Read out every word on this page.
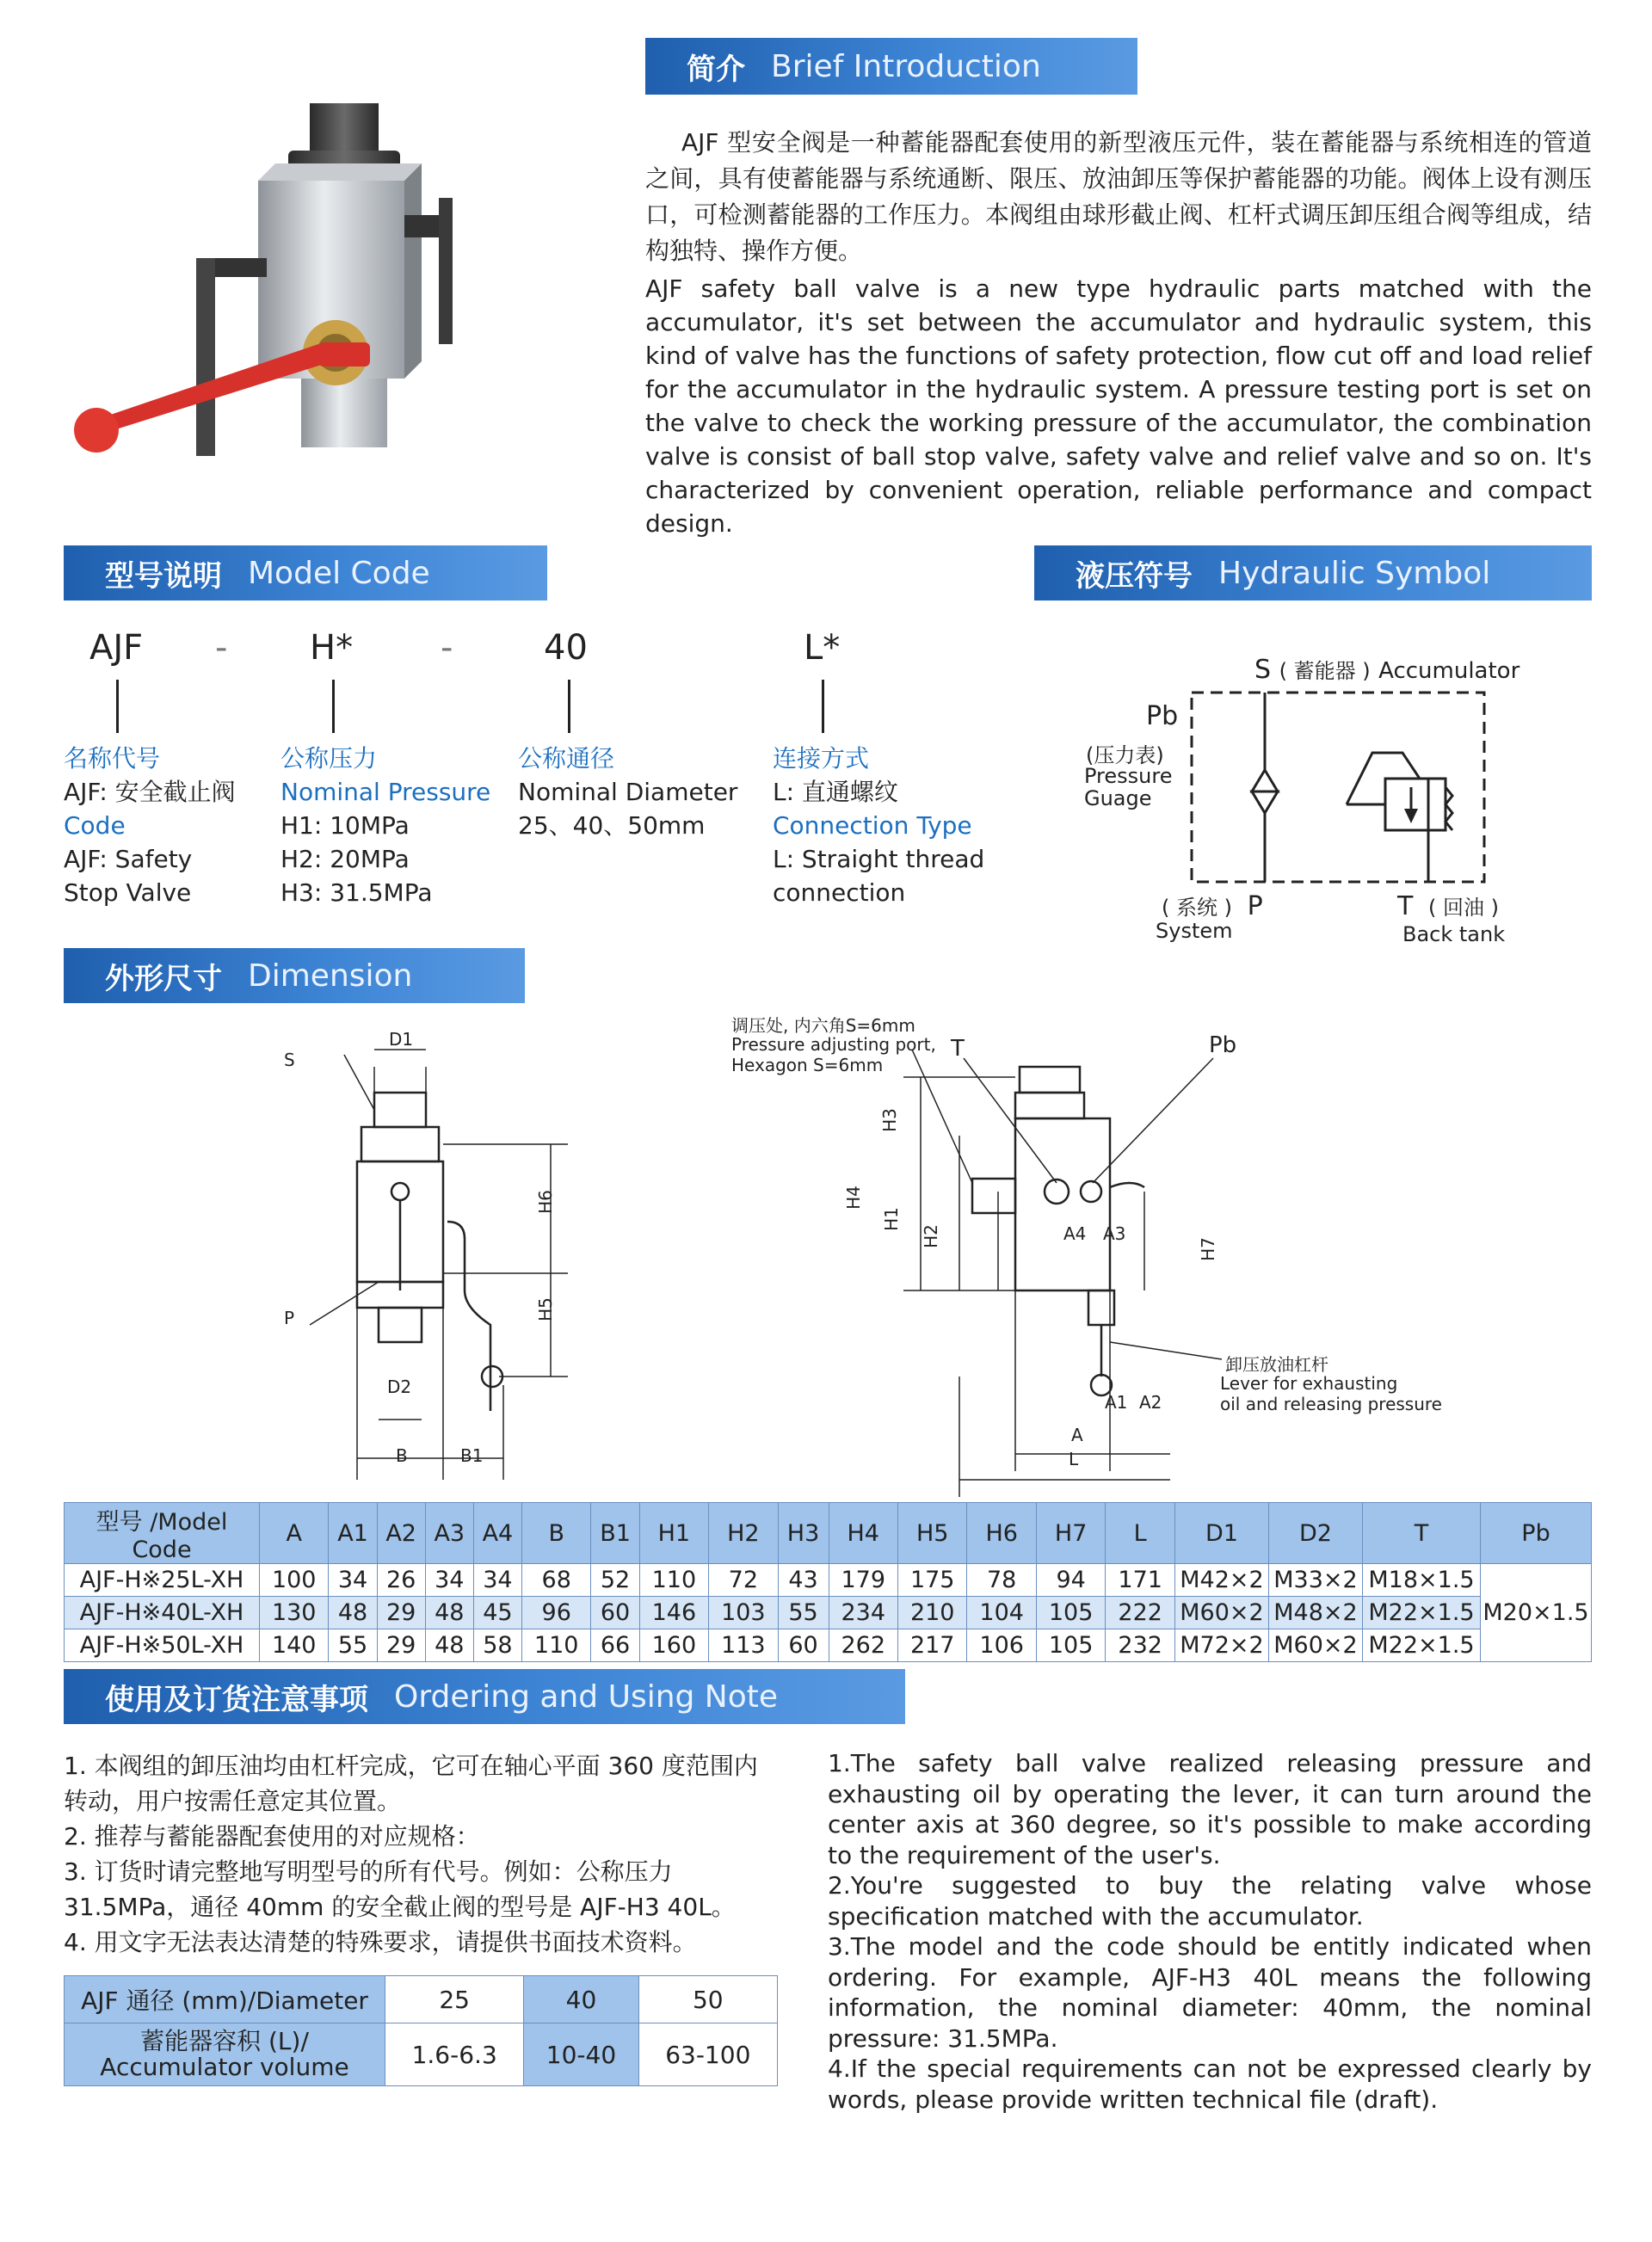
简介 Brief Introduction
AJF 型安全阀是一种蓄能器配套使用的新型液压元件，装在蓄能器与系统相连的管道之间，具有使蓄能器与系统通断、限压、放油卸压等保护蓄能器的功能。阀体上设有测压口，可检测蓄能器的工作压力。本阀组由球形截止阀、杠杆式调压卸压组合阀等组成，结构独特、操作方便。
AJF safety ball valve is a new type hydraulic parts matched with the accumulator, it's set between the accumulator and hydraulic system, this kind of valve has the functions of safety protection, flow cut off and load relief for the accumulator in the hydraulic system. A pressure testing port is set on the valve to check the working pressure of the accumulator, the combination valve is consist of ball stop valve, safety valve and relief valve and so on. It's characterized by convenient operation, reliable performance and compact design.
型号说明 Model Code
AJF - H*	-	40	L*
名称代号
AJF: 安全截止阀
Code
AJF: Safety
Stop Valve
公称压力
Nominal Pressure
H1: 10MPa
H2: 20MPa
H3: 31.5MPa
公称通径
Nominal Diameter
25、40、50mm
连接方式
L: 直通螺纹
Connection Type
L: Straight thread
connection
液压符号 Hydraulic Symbol
S ( 蓄能器 ) Accumulator
Pb
(压力表)
Pressure
Guage
( 系统 ) P
System
T ( 回油 )
Back tank
外形尺寸 Dimension
D1
S
H6
H5
P
D2
B	B1
调压处, 内六角S=6mm
Pressure adjusting port,
Hexagon S=6mm
T	Pb
H3
H4
H1
H2	A4 A3
H7
卸压放油杠杆
Lever for exhausting
oil and releasing pressure
A1 A2
A
L
型号 /Model Code	A	A1	A2	A3	A4	B	B1	H1	H2	H3	H4	H5	H6	H7	L	D1	D2	T	Pb
AJF-H※25L-XH	100	34	26	34	34	68	52	110	72	43	179	175	78	94	171	M42×2	M33×2	M18×1.5	M20×1.5
AJF-H※40L-XH	130	48	29	48	45	96	60	146	103	55	234	210	104	105	222	M60×2	M48×2	M22×1.5	
AJF-H※50L-XH	140	55	29	48	58	110	66	160	113	60	262	217	106	105	232	M72×2	M60×2	M22×1.5	
使用及订货注意事项 Ordering and Using Note

1. 本阀组的卸压油均由杠杆完成，它可在轴心平面 360 度范围内转动，用户按需任意定其位置。

2. 推荐与蓄能器配套使用的对应规格：

3. 订货时请完整地写明型号的所有代号。例如：公称压力 31.5MPa，通径 40mm 的安全截止阀的型号是 AJF-H3 40L。

4. 用文字无法表达清楚的特殊要求，请提供书面技术资料。

AJF 通径 (mm)/Diameter	25	40	50

蓄能器容积 (L)/
Accumulator volume	1.6-6.3	10-40	63-100

1.The safety ball valve realized releasing pressure and exhausting oil by operating the lever, it can turn around the center axis at 360 degree, so it's possible to make according to the requirement of the user's.

2.You're suggested to buy the relating valve whose specification matched with the accumulator.

3.The model and the code should be entitly indicated when ordering. For example, AJF-H3 40L means the following information, the nominal diameter: 40mm, the nominal pressure: 31.5MPa.

4.If the special requirements can not be expressed clearly by words, please provide written technical file (draft).
